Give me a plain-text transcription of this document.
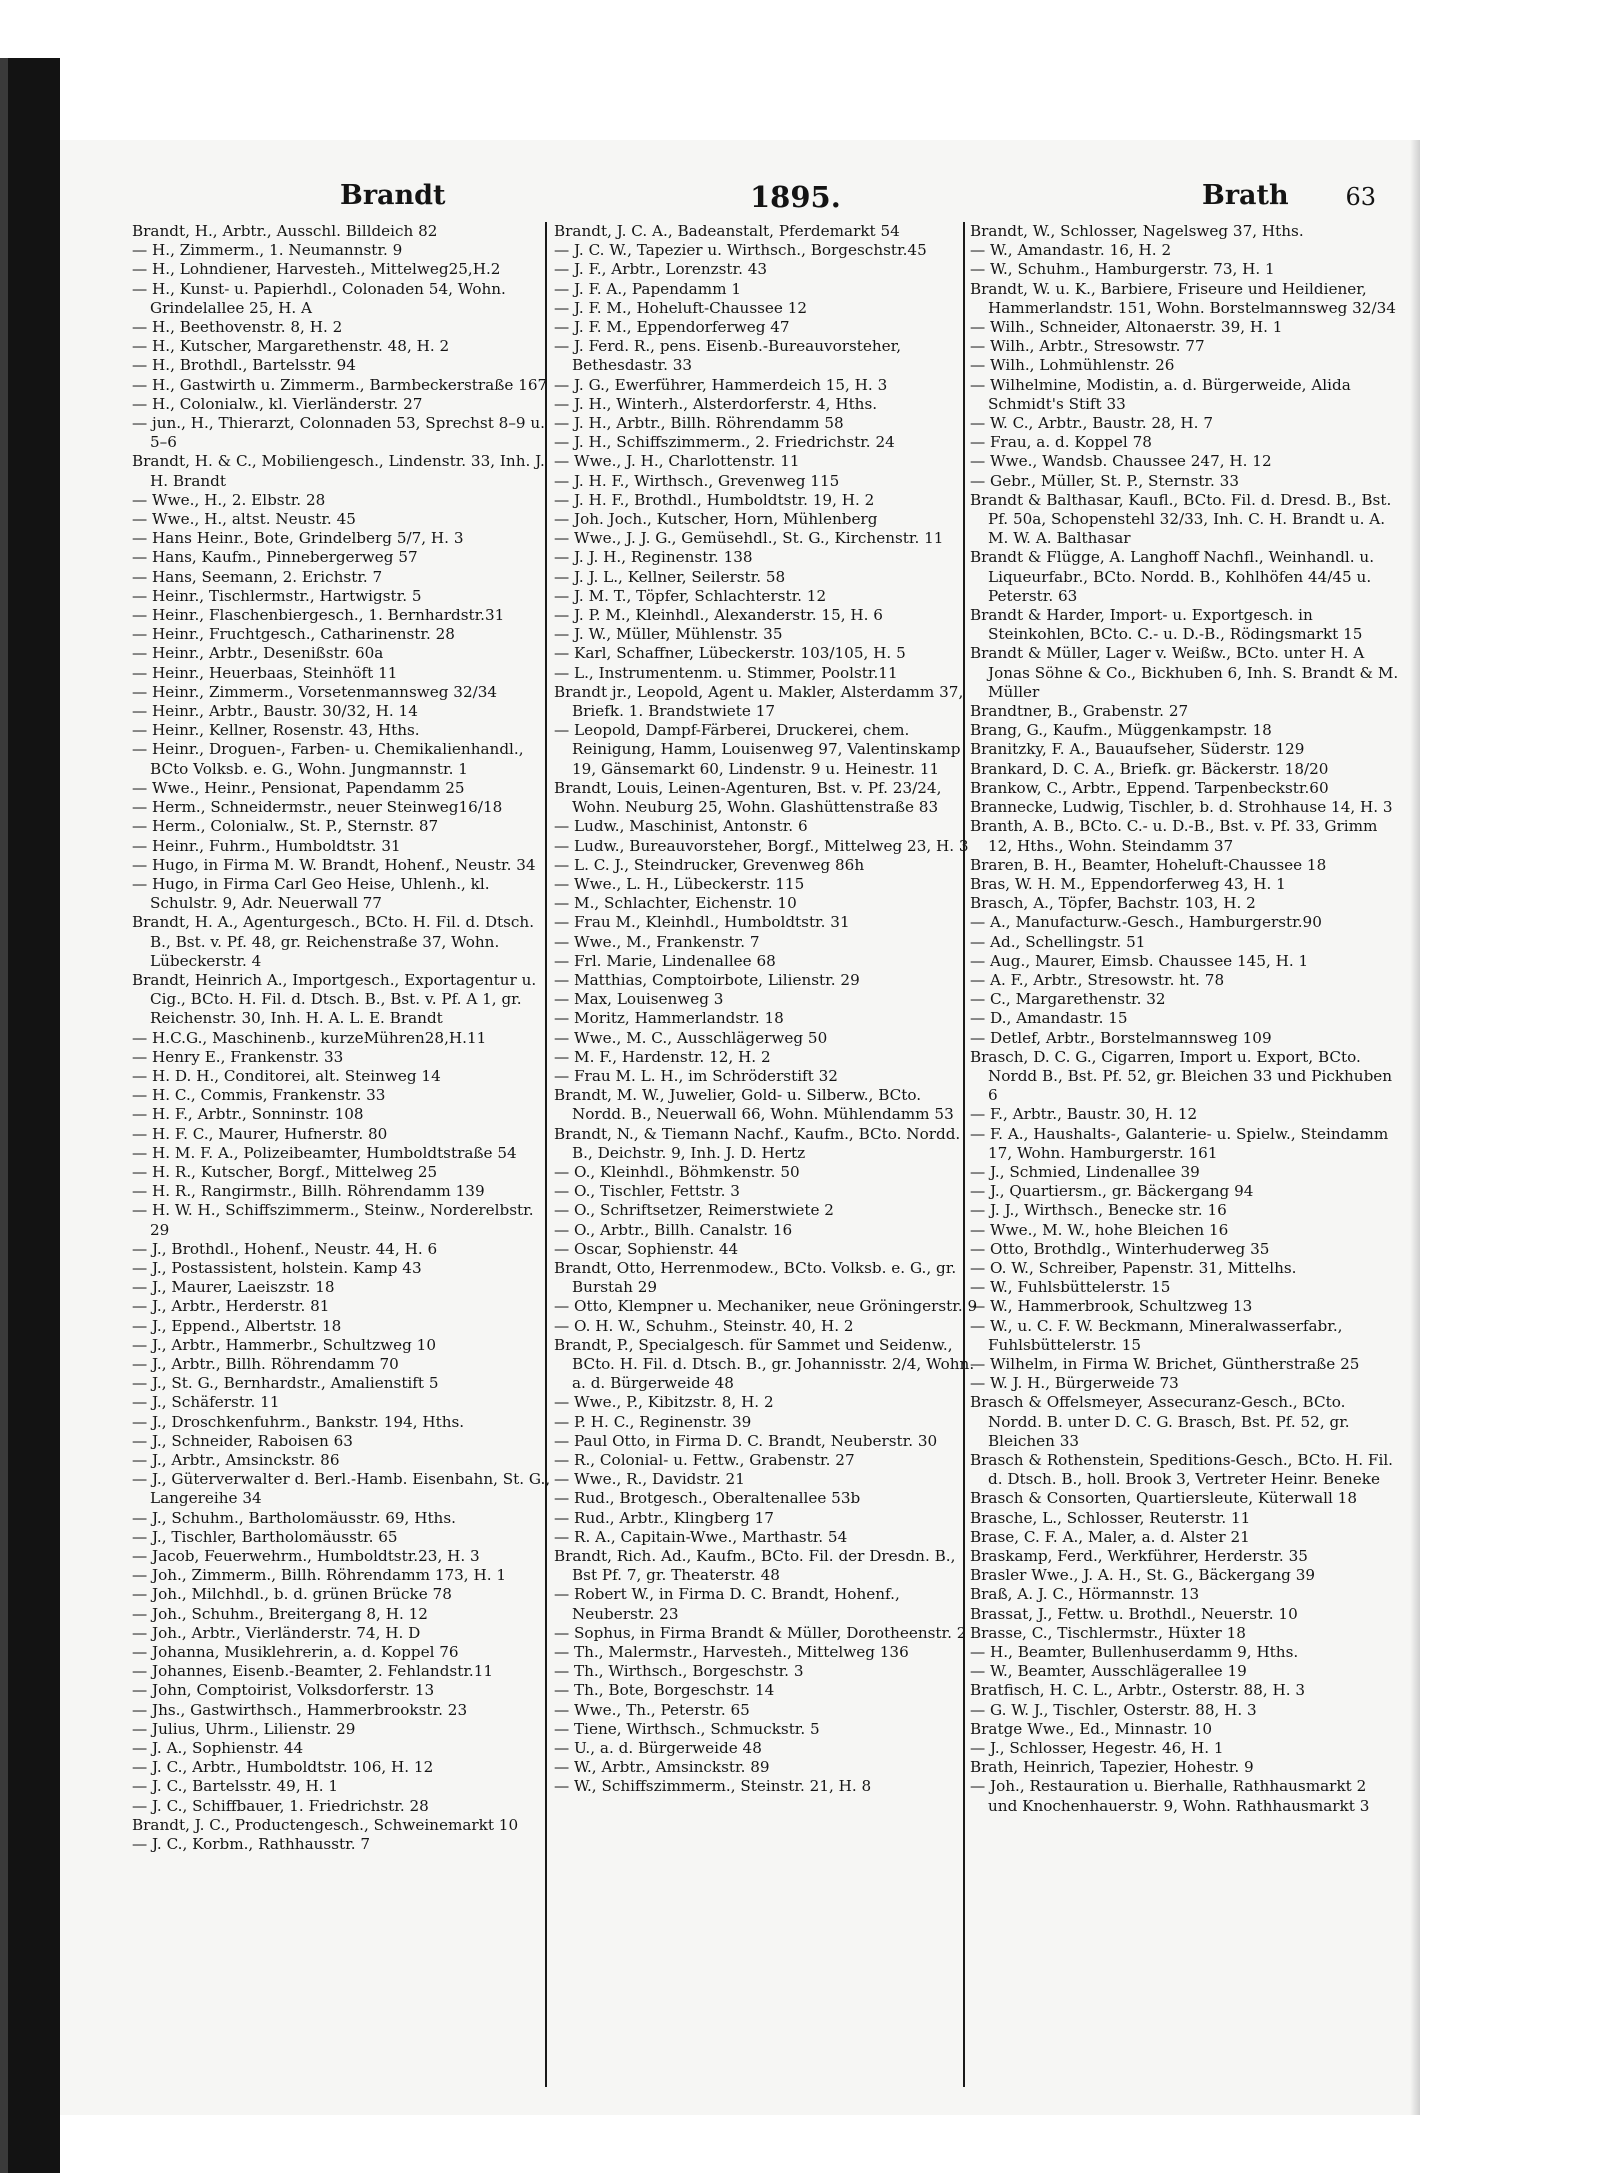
Brandt	1895.	Brath 63
Brandt, H., Arbtr., Ausschl. Billdeich 82
— H., Zimmerm., 1. Neumannstr. 9
— H., Lohndiener, Harvesteh., Mittelweg25,H.2
— H., Kunst- u. Papierhdl., Colonaden 54, Wohn. Grindelallee 25, H. A
— H., Beethovenstr. 8, H. 2
— H., Kutscher, Margarethenstr. 48, H. 2
— H., Brothdl., Bartelsstr. 94
— H., Gastwirth u. Zimmerm., Barmbeckerstraße 167
— H., Colonialw., kl. Vierländerstr. 27
— jun., H., Thierarzt, Colonnaden 53, Sprechst 8–9 u. 5–6
Brandt, H. & C., Mobiliengesch., Lindenstr. 33, Inh. J. H. Brandt
— Wwe., H., 2. Elbstr. 28
— Wwe., H., altst. Neustr. 45
— Hans Heinr., Bote, Grindelberg 5/7, H. 3
— Hans, Kaufm., Pinnebergerweg 57
— Hans, Seemann, 2. Erichstr. 7
— Heinr., Tischlermstr., Hartwigstr. 5
— Heinr., Flaschenbiergesch., 1. Bernhardstr.31
— Heinr., Fruchtgesch., Catharinenstr. 28
— Heinr., Arbtr., Desenißstr. 60a
— Heinr., Heuerbaas, Steinhöft 11
— Heinr., Zimmerm., Vorsetenmannsweg 32/34
— Heinr., Arbtr., Baustr. 30/32, H. 14
— Heinr., Kellner, Rosenstr. 43, Hths.
— Heinr., Droguen-, Farben- u. Chemikalienhandl., BCto Volksb. e. G., Wohn. Jungmannstr. 1
— Wwe., Heinr., Pensionat, Papendamm 25
— Herm., Schneidermstr., neuer Steinweg16/18
— Herm., Colonialw., St. P., Sternstr. 87
— Heinr., Fuhrm., Humboldtstr. 31
— Hugo, in Firma M. W. Brandt, Hohenf., Neustr. 34
— Hugo, in Firma Carl Geo Heise, Uhlenh., kl. Schulstr. 9, Adr. Neuerwall 77
Brandt, H. A., Agenturgesch., BCto. H. Fil. d. Dtsch. B., Bst. v. Pf. 48, gr. Reichenstraße 37, Wohn. Lübeckerstr. 4
Brandt, Heinrich A., Importgesch., Exportagentur u. Cig., BCto. H. Fil. d. Dtsch. B., Bst. v. Pf. A 1, gr. Reichenstr. 30, Inh. H. A. L. E. Brandt
— H.C.G., Maschinenb., kurzeMühren28,H.11
— Henry E., Frankenstr. 33
— H. D. H., Conditorei, alt. Steinweg 14
— H. C., Commis, Frankenstr. 33
— H. F., Arbtr., Sonninstr. 108
— H. F. C., Maurer, Hufnerstr. 80
— H. M. F. A., Polizeibeamter, Humboldtstraße 54
— H. R., Kutscher, Borgf., Mittelweg 25
— H. R., Rangirmstr., Billh. Röhrendamm 139
— H. W. H., Schiffszimmerm., Steinw., Norderelbstr. 29
— J., Brothdl., Hohenf., Neustr. 44, H. 6
— J., Postassistent, holstein. Kamp 43
— J., Maurer, Laeiszstr. 18
— J., Arbtr., Herderstr. 81
— J., Eppend., Albertstr. 18
— J., Arbtr., Hammerbr., Schultzweg 10
— J., Arbtr., Billh. Röhrendamm 70
— J., St. G., Bernhardstr., Amalienstift 5
— J., Schäferstr. 11
— J., Droschkenfuhrm., Bankstr. 194, Hths.
— J., Schneider, Raboisen 63
— J., Arbtr., Amsinckstr. 86
— J., Güterverwalter d. Berl.-Hamb. Eisenbahn, St. G., Langereihe 34
— J., Schuhm., Bartholomäusstr. 69, Hths.
— J., Tischler, Bartholomäusstr. 65
— Jacob, Feuerwehrm., Humboldtstr.23, H. 3
— Joh., Zimmerm., Billh. Röhrendamm 173, H. 1
— Joh., Milchhdl., b. d. grünen Brücke 78
— Joh., Schuhm., Breitergang 8, H. 12
— Joh., Arbtr., Vierländerstr. 74, H. D
— Johanna, Musiklehrerin, a. d. Koppel 76
— Johannes, Eisenb.-Beamter, 2. Fehlandstr.11
— John, Comptoirist, Volksdorferstr. 13
— Jhs., Gastwirthsch., Hammerbrookstr. 23
— Julius, Uhrm., Lilienstr. 29
— J. A., Sophienstr. 44
— J. C., Arbtr., Humboldtstr. 106, H. 12
— J. C., Bartelsstr. 49, H. 1
— J. C., Schiffbauer, 1. Friedrichstr. 28
Brandt, J. C., Productengesch., Schweinemarkt 10
— J. C., Korbm., Rathhausstr. 7
Brandt, J. C. A., Badeanstalt, Pferdemarkt 54
— J. C. W., Tapezier u. Wirthsch., Borgeschstr.45
— J. F., Arbtr., Lorenzstr. 43
— J. F. A., Papendamm 1
— J. F. M., Hoheluft-Chaussee 12
— J. F. M., Eppendorferweg 47
— J. Ferd. R., pens. Eisenb.-Bureauvorsteher, Bethesdastr. 33
— J. G., Ewerführer, Hammerdeich 15, H. 3
— J. H., Winterh., Alsterdorferstr. 4, Hths.
— J. H., Arbtr., Billh. Röhrendamm 58
— J. H., Schiffszimmerm., 2. Friedrichstr. 24
— Wwe., J. H., Charlottenstr. 11
— J. H. F., Wirthsch., Grevenweg 115
— J. H. F., Brothdl., Humboldtstr. 19, H. 2
— Joh. Joch., Kutscher, Horn, Mühlenberg
— Wwe., J. J. G., Gemüsehdl., St. G., Kirchenstr. 11
— J. J. H., Reginenstr. 138
— J. J. L., Kellner, Seilerstr. 58
— J. M. T., Töpfer, Schlachterstr. 12
— J. P. M., Kleinhdl., Alexanderstr. 15, H. 6
— J. W., Müller, Mühlenstr. 35
— Karl, Schaffner, Lübeckerstr. 103/105, H. 5
— L., Instrumentenm. u. Stimmer, Poolstr.11
Brandt jr., Leopold, Agent u. Makler, Alsterdamm 37, Briefk. 1. Brandstwiete 17
— Leopold, Dampf-Färberei, Druckerei, chem. Reinigung, Hamm, Louisenweg 97, Valentinskamp 19, Gänsemarkt 60, Lindenstr. 9 u. Heinestr. 11
Brandt, Louis, Leinen-Agenturen, Bst. v. Pf. 23/24, Wohn. Neuburg 25, Wohn. Glashüttenstraße 83
— Ludw., Maschinist, Antonstr. 6
— Ludw., Bureauvorsteher, Borgf., Mittelweg 23, H. 3
— L. C. J., Steindrucker, Grevenweg 86h
— Wwe., L. H., Lübeckerstr. 115
— M., Schlachter, Eichenstr. 10
— Frau M., Kleinhdl., Humboldtstr. 31
— Wwe., M., Frankenstr. 7
— Frl. Marie, Lindenallee 68
— Matthias, Comptoirbote, Lilienstr. 29
— Max, Louisenweg 3
— Moritz, Hammerlandstr. 18
— Wwe., M. C., Ausschlägerweg 50
— M. F., Hardenstr. 12, H. 2
— Frau M. L. H., im Schröderstift 32
Brandt, M. W., Juwelier, Gold- u. Silberw., BCto. Nordd. B., Neuerwall 66, Wohn. Mühlendamm 53
Brandt, N., & Tiemann Nachf., Kaufm., BCto. Nordd. B., Deichstr. 9, Inh. J. D. Hertz
— O., Kleinhdl., Böhmkenstr. 50
— O., Tischler, Fettstr. 3
— O., Schriftsetzer, Reimerstwiete 2
— O., Arbtr., Billh. Canalstr. 16
— Oscar, Sophienstr. 44
Brandt, Otto, Herrenmodew., BCto. Volksb. e. G., gr. Burstah 29
— Otto, Klempner u. Mechaniker, neue Gröningerstr. 9
— O. H. W., Schuhm., Steinstr. 40, H. 2
Brandt, P., Specialgesch. für Sammet und Seidenw., BCto. H. Fil. d. Dtsch. B., gr. Johannisstr. 2/4, Wohn. a. d. Bürgerweide 48
— Wwe., P., Kibitzstr. 8, H. 2
— P. H. C., Reginenstr. 39
— Paul Otto, in Firma D. C. Brandt, Neuberstr. 30
— R., Colonial- u. Fettw., Grabenstr. 27
— Wwe., R., Davidstr. 21
— Rud., Brotgesch., Oberaltenallee 53b
— Rud., Arbtr., Klingberg 17
— R. A., Capitain-Wwe., Marthastr. 54
Brandt, Rich. Ad., Kaufm., BCto. Fil. der Dresdn. B., Bst Pf. 7, gr. Theaterstr. 48
— Robert W., in Firma D. C. Brandt, Hohenf., Neuberstr. 23
— Sophus, in Firma Brandt & Müller, Dorotheenstr. 2
— Th., Malermstr., Harvesteh., Mittelweg 136
— Th., Wirthsch., Borgeschstr. 3
— Th., Bote, Borgeschstr. 14
— Wwe., Th., Peterstr. 65
— Tiene, Wirthsch., Schmuckstr. 5
— U., a. d. Bürgerweide 48
— W., Arbtr., Amsinckstr. 89
— W., Schiffszimmerm., Steinstr. 21, H. 8
Brandt, W., Schlosser, Nagelsweg 37, Hths.
— W., Amandastr. 16, H. 2
— W., Schuhm., Hamburgerstr. 73, H. 1
Brandt, W. u. K., Barbiere, Friseure und Heildiener, Hammerlandstr. 151, Wohn. Borstelmannsweg 32/34
— Wilh., Schneider, Altonaerstr. 39, H. 1
— Wilh., Arbtr., Stresowstr. 77
— Wilh., Lohmühlenstr. 26
— Wilhelmine, Modistin, a. d. Bürgerweide, Alida Schmidt's Stift 33
— W. C., Arbtr., Baustr. 28, H. 7
— Frau, a. d. Koppel 78
— Wwe., Wandsb. Chaussee 247, H. 12
— Gebr., Müller, St. P., Sternstr. 33
Brandt & Balthasar, Kaufl., BCto. Fil. d. Dresd. B., Bst. Pf. 50a, Schopenstehl 32/33, Inh. C. H. Brandt u. A. M. W. A. Balthasar
Brandt & Flügge, A. Langhoff Nachfl., Weinhandl. u. Liqueurfabr., BCto. Nordd. B., Kohlhöfen 44/45 u. Peterstr. 63
Brandt & Harder, Import- u. Exportgesch. in Steinkohlen, BCto. C.- u. D.-B., Rödingsmarkt 15
Brandt & Müller, Lager v. Weißw., BCto. unter H. A Jonas Söhne & Co., Bickhuben 6, Inh. S. Brandt & M. Müller
Brandtner, B., Grabenstr. 27
Brang, G., Kaufm., Müggenkampstr. 18
Branitzky, F. A., Bauaufseher, Süderstr. 129
Brankard, D. C. A., Briefk. gr. Bäckerstr. 18/20
Brankow, C., Arbtr., Eppend. Tarpenbeckstr.60
Brannecke, Ludwig, Tischler, b. d. Strohhause 14, H. 3
Branth, A. B., BCto. C.- u. D.-B., Bst. v. Pf. 33, Grimm 12, Hths., Wohn. Steindamm 37
Braren, B. H., Beamter, Hoheluft-Chaussee 18
Bras, W. H. M., Eppendorferweg 43, H. 1
Brasch, A., Töpfer, Bachstr. 103, H. 2
— A., Manufacturw.-Gesch., Hamburgerstr.90
— Ad., Schellingstr. 51
— Aug., Maurer, Eimsb. Chaussee 145, H. 1
— A. F., Arbtr., Stresowstr. ht. 78
— C., Margarethenstr. 32
— D., Amandastr. 15
— Detlef, Arbtr., Borstelmannsweg 109
Brasch, D. C. G., Cigarren, Import u. Export, BCto. Nordd B., Bst. Pf. 52, gr. Bleichen 33 und Pickhuben 6
— F., Arbtr., Baustr. 30, H. 12
— F. A., Haushalts-, Galanterie- u. Spielw., Steindamm 17, Wohn. Hamburgerstr. 161
— J., Schmied, Lindenallee 39
— J., Quartiersm., gr. Bäckergang 94
— J. J., Wirthsch., Benecke str. 16
— Wwe., M. W., hohe Bleichen 16
— Otto, Brothdlg., Winterhuderweg 35
— O. W., Schreiber, Papenstr. 31, Mittelhs.
— W., Fuhlsbüttelerstr. 15
— W., Hammerbrook, Schultzweg 13
— W., u. C. F. W. Beckmann, Mineralwasserfabr., Fuhlsbüttelerstr. 15
— Wilhelm, in Firma W. Brichet, Güntherstraße 25
— W. J. H., Bürgerweide 73
Brasch & Offelsmeyer, Assecuranz-Gesch., BCto. Nordd. B. unter D. C. G. Brasch, Bst. Pf. 52, gr. Bleichen 33
Brasch & Rothenstein, Speditions-Gesch., BCto. H. Fil. d. Dtsch. B., holl. Brook 3, Vertreter Heinr. Beneke
Brasch & Consorten, Quartiersleute, Küterwall 18
Brasche, L., Schlosser, Reuterstr. 11
Brase, C. F. A., Maler, a. d. Alster 21
Braskamp, Ferd., Werkführer, Herderstr. 35
Brasler Wwe., J. A. H., St. G., Bäckergang 39
Braß, A. J. C., Hörmannstr. 13
Brassat, J., Fettw. u. Brothdl., Neuerstr. 10
Brasse, C., Tischlermstr., Hüxter 18
— H., Beamter, Bullenhuserdamm 9, Hths.
— W., Beamter, Ausschlägerallee 19
Bratfisch, H. C. L., Arbtr., Osterstr. 88, H. 3
— G. W. J., Tischler, Osterstr. 88, H. 3
Bratge Wwe., Ed., Minnastr. 10
— J., Schlosser, Hegestr. 46, H. 1
Brath, Heinrich, Tapezier, Hohestr. 9
— Joh., Restauration u. Bierhalle, Rathhausmarkt 2 und Knochenhauerstr. 9, Wohn. Rathhausmarkt 3
